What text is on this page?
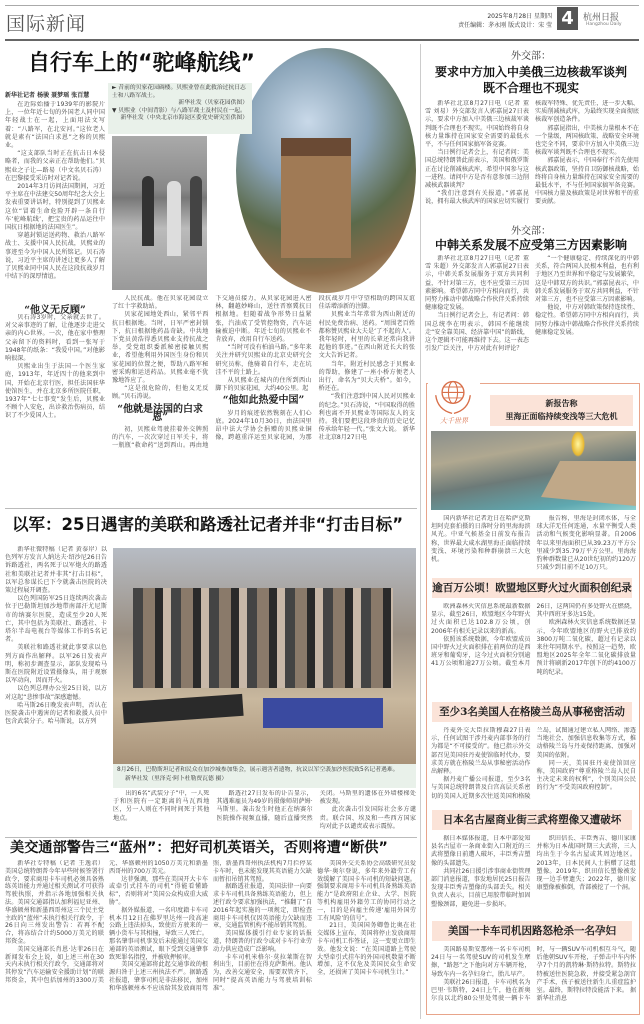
国际新闻	2025年8月28日 星期四
责任编辑：茅永刚 版式设计：宋 莹 4	杭州日报
Hangzhou Daily
自行车上的“驼峰航线”
新华社记者 杨骏 聂梦瑶 张百慧
► 昔前的贝家花园碉楼。贝熙业曾在此救治过抗日志士和八路军战士。
新华社发（贝家花园供图）
▼ 贝熙业（中间背影）与八路军战士及村民在一起。
新华社发（中央北京市海淀区委党史研究室供图）

在近际始播于1939年的影院片上，一位年近七旬的外国老人同中国年轻战士在一起，上面用法文写着：“八路军，在北安河。”这位老人就是素有“法国白求恩”之称的贝熙业。

“这支部队当时正在抗击日本侵略者，而我的父亲正在帮助他们。”贝熙业之子让—路易（中文名贝石涛）在巴黎接受采访时对记者说。

2014年3月访问法国期间，习近平主席在中法建交50周年纪念大会上发表重要讲话时，特别提到了贝熙业这位“冒着生命危险开辟一条自行车‘驼峰航线’，把宝贵的药品运往中国抗日根据地的法国医生”。

穿越封锁运送药物、救治八路军战士、支援中国人民抗战，贝熙业的事迹至今为中国人民所铭记。贝石涛说，习近平主席的讲述让更多人了解了贝熙业同中国人民在这段抗战岁月中结下的深厚情谊。

“他义无反顾”

贝石涛3岁时，父亲就去世了。对父亲事迹的了解，让他逐步走进父亲的内心世界。一次，他在家中整理父亲留下的资料时，看到一张写于1948年的纸条：“我爱中国。”对他影响很深。

贝熙业出生于法国一个医生家庭，1913年，年近四十的他来到中国，开始在北京行医，担任法国驻华使馆医生，并在北京多所医院任职，1937年“七七事变”发生后，贝熙业不顾个人安危，出诊救治伤病员，结识了不少爱国人士。

人民抗战。他在贝家花园设立了红十字救助站。

贝家花园地处西山，紧邻平西抗日根据地。当时，日军严密封锁下，抗日根据地药品奇缺。中共地下党员黄浩得悉贝熙业支持抗战之举，受党组织委派秘密接触贝熙业，希望他利用外国医生身份和贝家花园的位置之便，帮助八路军秘密采购和运送药品。贝熙业毫不犹豫地答应了。

“这是很危险的，但他义无反顾。”贝石涛说。

“他就是法国的白求恩”

初，贝熙业驾驶挂着外交牌照的汽车，一次次穿过日军关卡，将一瓶瓶“救命药”送到西山。再由地下交通员接力，从贝家花园进入密林，翻越妙峰山，送往晋察冀抗日根据地。但随着战争形势日益紧张，汽油成了受管控物资，汽车运输被迫中断。年近七旬的贝熙业不肯放弃，改用自行车送药。

“当时可没有柏油马路。”多年来关注并研究贝熙业的北京史研究会研究员称，他骑着自行车，走在坑洼不平的土路上。

从贝熙业在城内的住所到西山脚下的贝家花园，大约40公里。起

“他如此热爱中国”

岁月的痕迹依然镌刻在人们心底。2024年10月30日，由法国里昂中法大学协会捐赠的贝熙业铜像，跨越重洋运至贝家花园，为那段抗战岁月中守望相助的跨国友谊佳话增添新的注脚。

贝熙业当年常常为西山附近的村民免费治病、送药。“周围老百姓都称赞贝熙业大夫是‘了不起的人’。我年轻时，村里的长辈还常向我讲起他的事迹。”在西山附近长大的张文大告诉记者。

当年，附近村民感念于贝熙业的帮助，修建了一座小桥方便老人出行，命名为“贝大夫桥”。如今，桥还在。

“我们注意到中国人民对贝熙业的纪念。”贝石涛说，“中国取得的胜利也离不开贝熙业等国际友人的支持。我们要把这段珍贵的历史记忆传承给年轻一代。”张文大说。 新华社北京8月27日电

以军：25日遇害的美联和路透社记者并非“打击目标”

新华社微特稿（记者 黄泰岸）以色列军方发言人納达夫·绍沙尼26日告诉路透社，两名死于以军炮火的路透社和美联社记者并非其“打击目标”，以军总参谋长已下令就袭击医院的决策过程展开调查。

以色列国防军25日连续两次袭击位于巴勒斯坦加沙地带南部汗尤尼斯市的纳赛尔医院，造成至少20人死亡，其中包括为美联社、路透社、卡塔尔半岛电视台等媒体工作的5名记者。

美联社和路透社就此事要求以色列方面作出解释。以军26日发表声明，称初步调查显示，部队发现哈马斯在医院附近设置摄像头，用于观察以军动向，因而开火。

以色列总理办公室25日说，以方对这起“悲惨事故”深感遗憾。

哈马斯26日晚发表声明，否认在医院袭击中遇害的记者和救援人员中包含武装分子。哈马斯说，以方列

8月26日，巴勒斯坦记者和民众在加沙城参加集会，展示遇害者遗物，抗议以军空袭加沙医院致5名记者遇难。 新华社发（里泽克·阿卜杜勒贾瓦德 摄）

出的6名“武装分子”中，一人死于和医院有一定距离的马瓦西地区，另一人则在不同时间死于其他地点。

路透社27日发布的讣告显示，其遇难雇员为49岁的摄像师胡萨姆·马斯里。袭击发生时他正在纳赛尔医院操作视频直播，随后直播突然关闭。马斯里的遗体在外墙楼梯处被发现。

此次袭击引发国际社会多方谴责。联合国、埃及和一些西方国家均对此予以谴责或表示震惊。

美交通部警告三“蓝州”：把好司机英语关，否则将遭“断供”

新华社专特稿（记者 王逸君）美国总统特朗普今年早些时候签署行政令，要求商用卡车司机必须具备熟练英语能力并通过相关测试才可获得驾驶执照，并指示各地加强相关执法。美国交通部指认加利福尼亚州、华盛顿州和新墨西哥州这三个民主党主政的“蓝州”未执行相关行政令，于26日向三州发出警告：若再不配合，将冻结合计约5000万美元的联邦资金。

美国交通部长肖恩·达菲26日在新闻发布会上说，如上述三州在30天内未执行相关行政令，交通部将对其停发“汽车运输安全援助计划”的联邦资金，其中包括加州的3300万美元、华盛顿州的1050万美元和新墨西哥州的700万美元。

达菲强调，那些在美国开大卡车或牵引式挂车的司机“得能看懂路标”，否则将对“美国公众构成重大威胁”。

据外媒报道，一名印度籍卡车司机本月12日在佛罗里达州一段高速公路上违法掉头，致使后方驶来的一辆小货车与其相撞，导致三人死亡。那名肇事司机事发后未能通过美国交通部的英语测试，眼下受到交通肇事致死罪名指控，并被收押候审。

美国交通部将此起交通事故的根源归咎于上述三州执法不严。据路透社报道，肇事司机是非法移民，加州和华盛顿州本不应该给其发放商用驾照，新墨西哥州执法机构7月拦停某卡车时，也未能发现其英语能力欠缺而暂扣吊销其驾照。

据路透社报道，美国法律一向要求卡车司机具备熟练英语能力，但上述行政令要求加强执法，“推翻了”自2016年起实施的一项规定，即检查商用卡车司机仅因英语能力欠缺而违章，交通监管机构不能吊销其驾照。

美国媒体援引行业专家的话报道，特朗普的行政令或对卡车行业劳动力供应造成广泛影响。

卡车司机米格尔·莫拉莱斯在智利出生，目前住在得克萨斯州。他认为，改善交通安全，需要双管齐下，同时“提高英语能力与驾驶培训标准”。

美国外交关系协会高级研究员爱德华·奥尔登说，多年来外籍劳工有效缓解了美国卡车司机的短缺问题。强制要求商用卡车司机具备熟练英语能力“是政府阻止企业、大学、医院等机构雇用外籍劳工的协同行动之一，目的是向雇主传递‘雇用外国劳工有风险’的信号”。

21日，美国国务卿鲁比奥在社交媒体上宣布，美国将停止发放商用卡车司机工作签证，这一变更立即生效。他发文说：“在美国道路上驾驶大型牵引式挂车的外国司机数量不断增加，这不仅危及美国民众生命安全，还损害了美国卡车司机生计。”

外交部：
要求中方加入中美俄三边核裁军谈判
既不合理也不现实

新华社北京8月27日电（记者 董雪 刘易）外交部发言人郭嘉昆27日表示，要求中方加入中美俄三边核裁军谈判既不合理也不现实。中国始终将自身核力量维持在国家安全需要的最低水平，不与任何国家搞军备竞赛。

当日例行记者会上，有记者问：美国总统特朗普此前表示，美国和俄罗斯正在讨论削减核武库，希望中国参与这一进程。请问中方是否有意参加三边削减核武器谈判？

“我们注意到有关报道。”郭嘉昆说，拥有最大核武库的国家应切实履行核裁军特殊、优先责任，进一步大幅、实质削减核武库，为最终实现全面彻底核裁军创造条件。

郭嘉昆指出，中美核力量根本不在一个量级，两国核政策、战略安全环境也完全不同，要求中方加入中美俄三边核裁军谈判既不合理也不现实。

郭嘉昆表示，中国奉行不首先使用核武器政策，坚持自卫防御核战略，始终将自身核力量维持在国家安全需要的最低水平，不与任何国家搞军备竞赛。中国核力量及核政策是对世界和平的重要贡献。

外交部：
中韩关系发展不应受第三方因素影响

新华社北京8月27日电（记者 董雪 朱超）外交部发言人郭嘉昆27日表示，中韩关系发展服务于双方共同利益，不针对第三方，也不应受第三方因素影响。希望韩方同中方相向而行，共同努力推动中韩战略合作伙伴关系持续健康稳定发展。

当日例行记者会上，有记者问：韩国总统李在明表示，韩国不能继续走“安全靠美国、经济靠中国”的路线，这个逻辑不可能再维持下去。这一表态引发广泛关注，中方对此有何评论？

“一个健康稳定、持续深化的中韩关系，符合两国人民根本利益，也有利于地区乃至世界和平稳定与发展繁荣，这是中韩双方的共识。”郭嘉昆表示，中韩关系发展服务于双方共同利益，不针对第三方，也不应受第三方因素影响。

他说，中方对韩政策保持连续性、稳定性。希望韩方同中方相向而行，共同努力推动中韩战略合作伙伴关系持续健康稳定发展。

大千世界
新报告称
里海正面临持续变浅等三大危机

国内新华社记者近日在哈萨克斯坦阿克套拍摄的日落时分的里海海滨风光。中亚气候基金日前发布报告称，世界最大咸水湖里海正面临持续变浅、环境污染和种群崩溃三大危机。

报告称，里海是封闭水体，与全球大洋无任何连通，水量平衡受人类活动和气候变化影响显著。自2006年以来里海面积已从39.23万平方公里减少到35.79万平方公里。里海海豹种群数量已从20世纪初的约120万只减少到目前不足10万只。

逾百万公顷！欧盟地区野火过火面积创纪录

欧洲森林火灾信息系统最新数据显示，截至26日，欧盟地区今年野火过火面积已达102.8万公顷，创2006年有相关记录以来的新高。

依照该系统数据，今年欧盟成员国中野火过火面积排在前两位的是西班牙和葡萄牙，这今过火面积分别逾41万公顷和逾27万公顷。截至本月26日，这两国仍有多处野火在燃烧，其中西班牙多达15处。

欧洲森林火灾信息系统数据还显示，今年欧盟地区的野火已排放约3800万吨二氧化碳，超过有记录以来往年同期水平。按照这一趋势，欧盟地区2025年全年二氧化碳排放量预计将刷新2017年创下的约4100万吨的纪录。

至少3名美国人在格陵兰岛从事秘密活动

丹麦外交大臣拉斯穆森27日表示，任何试图干涉丹麦内部事务的行为都是“不可接受的”。他已指示外交部召见美国驻丹麦使馆临时代办，要求美方就在格陵兰岛从事秘密活动作出解释。

据丹麦广播公司报道，至少3名与美国总统特朗普及白宫高层关系密切的美国人近期多次往返美国和格陵兰岛，试图通过建立私人网络、渗透当地社会、加强信息收集等方式，推动格陵兰岛与丹麦保持距离、加强对美国的依附。

同一天，美国驻丹麦使馆回应称，美国政府“尊重格陵兰岛人民自主决定未来的权利”，个别美国公民的行为“不受美国政府控制”。

日本名古屋商业街三武将塑像又遭破坏

据日本媒体报道，日本中部爱知县名古屋市一条商业街入口附近的三武将塑像日前遭人破坏，丰臣秀吉塑像的头部遗失。

共同社26日援引涉事商业街管理部门消息报道，事发地居民25日报告发现丰臣秀吉塑像的头部丢失。相关负责人表示，目前已用胶带临时加固塑像颈部，避免进一步损坏。

织田信长、丰臣秀吉、德川家康并称为日本战国时期三大武将，三人均出生于今名古屋或其周边地区。2013年，日本民间人士捐赠了这组塑像。2019年，织田信长塑像被发现一边手臂遗失；2022年，德川家康塑像被推倒，背部被挖了一个洞。

美国一卡车司机因路怒枪杀一名孕妇

美国路易斯安那州一名卡车司机24日与一名驾驶SUV的司机发生摩擦，“路怒”之下他向对方车辆开枪，导致车内一名孕妇身亡，胎儿早产。

美联社26日报道，卡车司机名为巴里·韦斯特，24日上午，他在新奥尔良以北约80公里处驾驶一辆卡车时，与一辆SUV车司机相互斗气，随后他朝SUV车开枪，子弹击中车内怀孕7个月的凯特琳·斯特拉特。斯特拉特被送往医院急救，并接受紧急剖宫产手术，孩子被送往新生儿重症监护室。最终，斯特拉特没能活下来。 据新华社消息
